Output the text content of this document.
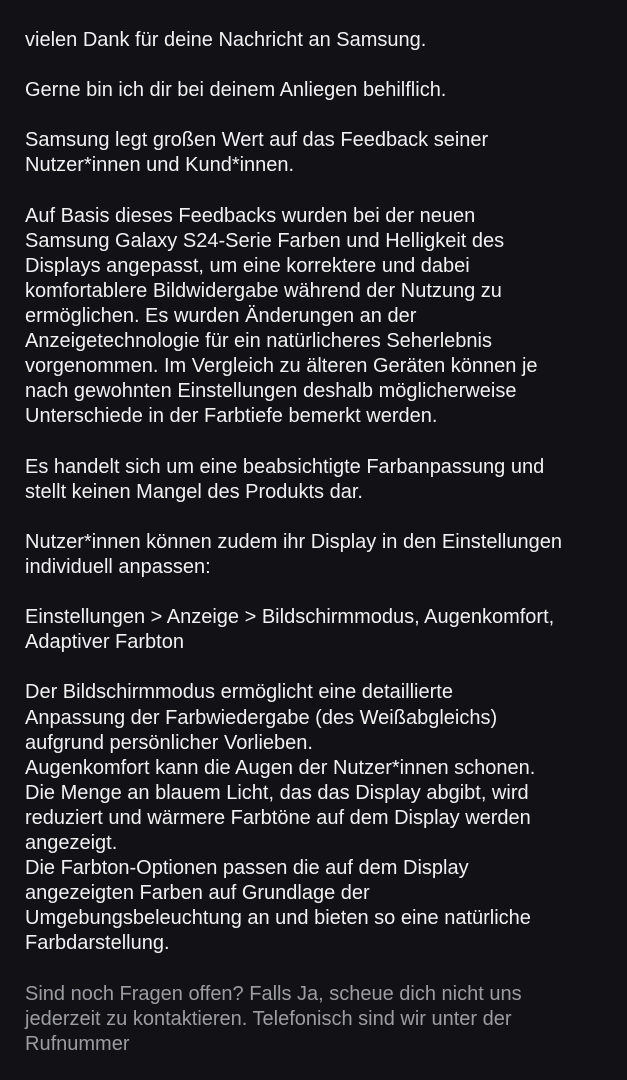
vielen Dank für deine Nachricht an Samsung.
Gerne bin ich dir bei deinem Anliegen behilflich.
Samsung legt großen Wert auf das Feedback seiner
Nutzer*innen und Kund*innen.
Auf Basis dieses Feedbacks wurden bei der neuen
Samsung Galaxy S24-Serie Farben und Helligkeit des
Displays angepasst, um eine korrektere und dabei
komfortablere Bildwidergabe während der Nutzung zu
ermöglichen. Es wurden Änderungen an der
Anzeigetechnologie für ein natürlicheres Seherlebnis
vorgenommen. Im Vergleich zu älteren Geräten können je
nach gewohnten Einstellungen deshalb möglicherweise
Unterschiede in der Farbtiefe bemerkt werden.
Es handelt sich um eine beabsichtigte Farbanpassung und
stellt keinen Mangel des Produkts dar.
Nutzer*innen können zudem ihr Display in den Einstellungen
individuell anpassen:
Einstellungen > Anzeige > Bildschirmmodus, Augenkomfort,
Adaptiver Farbton
Der Bildschirmmodus ermöglicht eine detaillierte
Anpassung der Farbwiedergabe (des Weißabgleichs)
aufgrund persönlicher Vorlieben.
Augenkomfort kann die Augen der Nutzer*innen schonen.
Die Menge an blauem Licht, das das Display abgibt, wird
reduziert und wärmere Farbtöne auf dem Display werden
angezeigt.
Die Farbton-Optionen passen die auf dem Display
angezeigten Farben auf Grundlage der
Umgebungsbeleuchtung an und bieten so eine natürliche
Farbdarstellung.
Sind noch Fragen offen? Falls Ja, scheue dich nicht uns
jederzeit zu kontaktieren. Telefonisch sind wir unter der
Rufnummer
